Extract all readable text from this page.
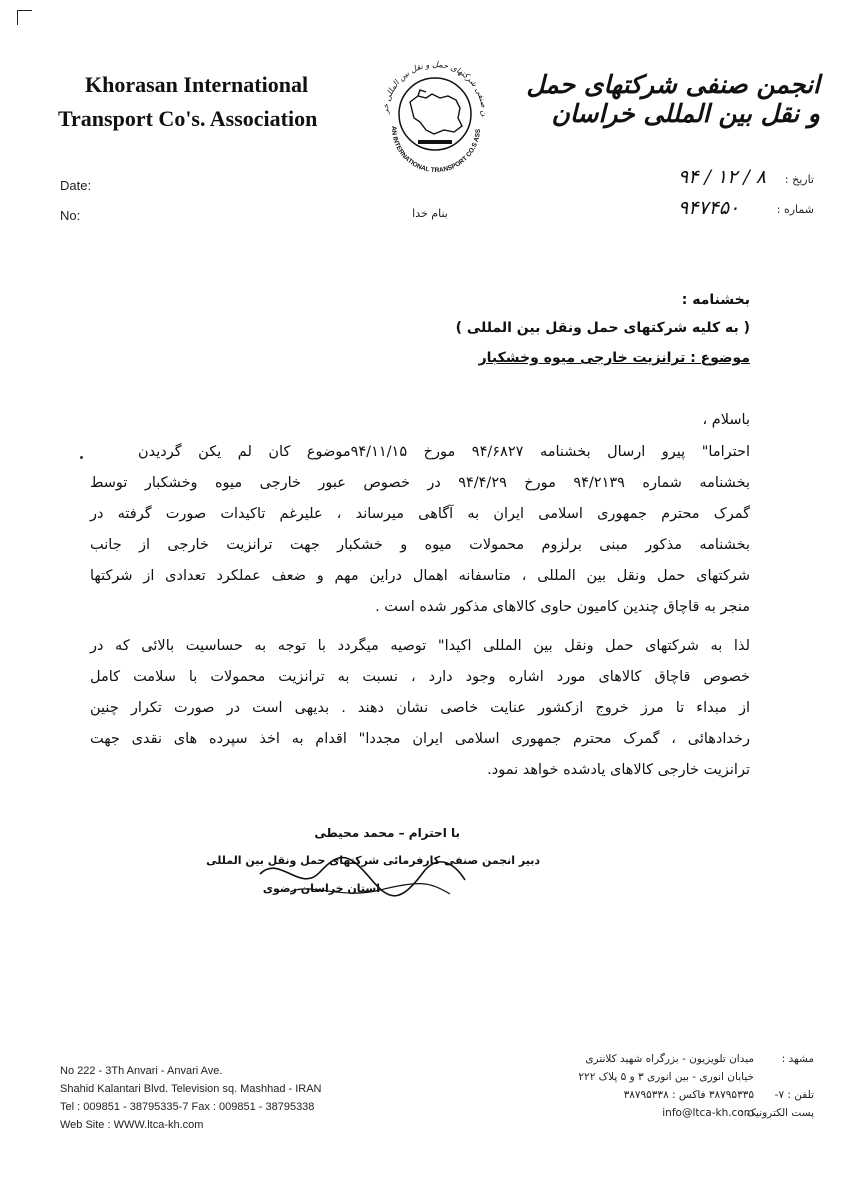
Khorasan International
Transport Co's. Association	ن صنفی شرکتهای حمل و نقل بین المللی خر
AN INTERNATIONAL TRANSPORT CO.S ASS
انجمن صنفی شرکتهای حمل و نقل بین المللی خراسان
Date:
No:
تاریخ :
شماره :
۹۴ / ۱۲ / ۸
۹۴۷۴۵۰
بنام خدا
بخشنامه :
( به کلیه شرکتهای حمل ونقل بین المللی )
موضوع : ترانزیت خارجی میوه وخشکبار
باسلام ،
احتراما" پیرو ارسال بخشنامه ۹۴/۶۸۲۷ مورخ ۹۴/۱۱/۱۵موضوع کان لم یکن گردیدن
بخشنامه شماره ۹۴/۲۱۳۹ مورخ ۹۴/۴/۲۹ در خصوص عبور خارجی میوه وخشکبار توسط
گمرک محترم جمهوری اسلامی ایران به آگاهی میرساند ، علیرغم تاکیدات صورت گرفته در
بخشنامه مذکور مبنی برلزوم محمولات میوه و خشکبار جهت ترانزیت خارجی از جانب
شرکتهای حمل ونقل بین المللی ، متاسفانه اهمال دراین مهم و ضعف عملکرد تعدادی از شرکتها
منجر به قاچاق چندین کامیون حاوی کالاهای مذکور شده است .
لذا به شرکتهای حمل ونقل بین المللی اکیدا" توصیه میگردد با توجه به حساسیت بالائی که در
خصوص قاچاق کالاهای مورد اشاره وجود دارد ، نسبت به ترانزیت محمولات با سلامت کامل
از مبداء تا مرز خروج ازکشور عنایت خاصی نشان دهند . بدیهی است در صورت تکرار چنین
رخدادهائی ، گمرک محترم جمهوری اسلامی ایران مجددا" اقدام به اخذ سپرده های نقدی جهت
ترانزیت خارجی کالاهای یادشده خواهد نمود.
با احترام – محمد محیطی
دبیر انجمن صنفی کارفرمائی شرکتهای حمل ونقل بین المللی
استان خراسان رضوی
No 222 - 3Th Anvari - Anvari Ave.
Shahid Kalantari Blvd. Television sq. Mashhad - IRAN
Tel : 009851 - 38795335-7 Fax : 009851 - 38795338
Web Site : WWW.ltca-kh.com
مشهد :
تلفن : ۷-
پست الکترونیک :
میدان تلویزیون - بزرگراه شهید کلانتری
خیابان انوری - بین انوری ۳ و ۵ پلاک ۲۲۲
۳۸۷۹۵۳۳۵ فاکس : ۳۸۷۹۵۳۳۸
info@ltca-kh.com
